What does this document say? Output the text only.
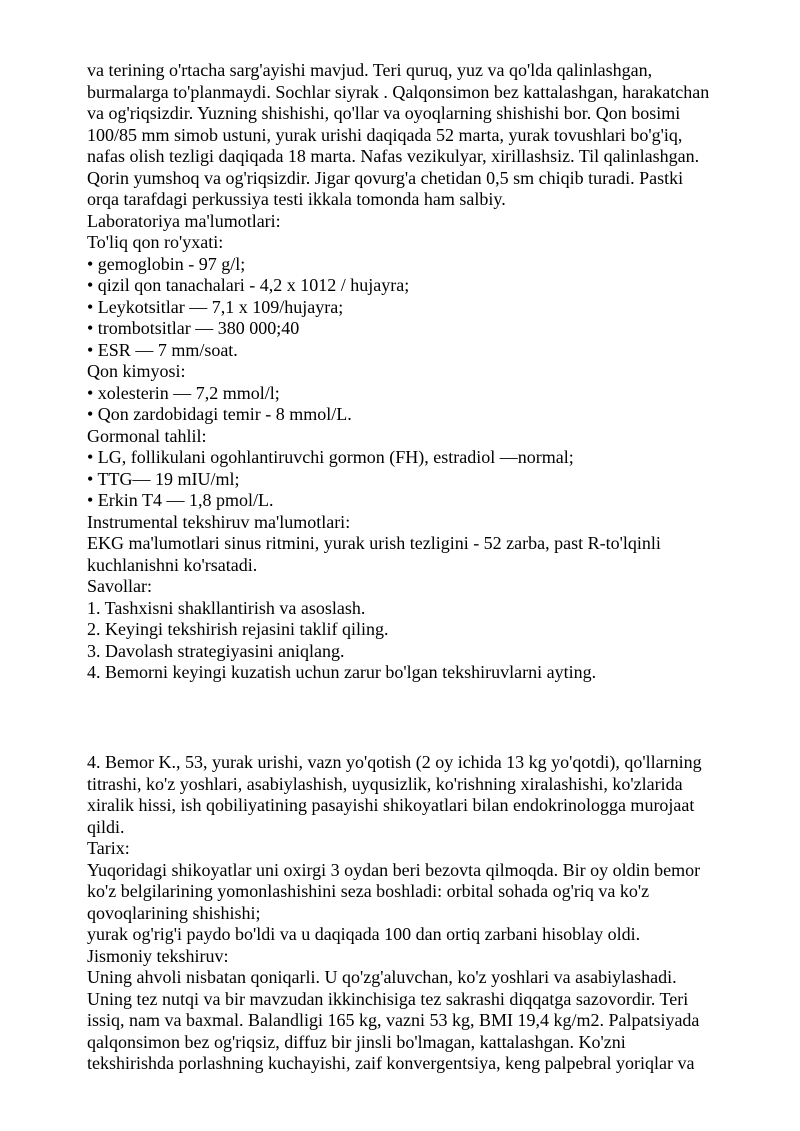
va terining o'rtacha sarg'ayishi mavjud. Teri quruq, yuz va qo'lda qalinlashgan,
burmalarga to'planmaydi. Sochlar siyrak . Qalqonsimon bez kattalashgan, harakatchan
va og'riqsizdir. Yuzning shishishi, qo'llar va oyoqlarning shishishi bor. Qon bosimi
100/85 mm simob ustuni, yurak urishi daqiqada 52 marta, yurak tovushlari bo'g'iq,
nafas olish tezligi daqiqada 18 marta. Nafas vezikulyar, xirillashsiz. Til qalinlashgan.
Qorin yumshoq va og'riqsizdir. Jigar qovurg'a chetidan 0,5 sm chiqib turadi. Pastki
orqa tarafdagi perkussiya testi ikkala tomonda ham salbiy.
Laboratoriya ma'lumotlari:
To'liq qon ro'yxati:
• gemoglobin - 97 g/l;
• qizil qon tanachalari - 4,2 x 1012 / hujayra;
• Leykotsitlar — 7,1 x 109/hujayra;
• trombotsitlar — 380 000;40
• ESR — 7 mm/soat.
Qon kimyosi:
• xolesterin — 7,2 mmol/l;
• Qon zardobidagi temir - 8 mmol/L.
Gormonal tahlil:
• LG, follikulani ogohlantiruvchi gormon (FH), estradiol —normal;
• TTG— 19 mIU/ml;
• Erkin T4 — 1,8 pmol/L.
Instrumental tekshiruv ma'lumotlari:
EKG ma'lumotlari sinus ritmini, yurak urish tezligini - 52 zarba, past R-to'lqinli
kuchlanishni ko'rsatadi.
Savollar:
1. Tashxisni shakllantirish va asoslash.
2. Keyingi tekshirish rejasini taklif qiling.
3. Davolash strategiyasini aniqlang.
4. Bemorni keyingi kuzatish uchun zarur bo'lgan tekshiruvlarni ayting.
4. Bemor K., 53, yurak urishi, vazn yo'qotish (2 oy ichida 13 kg yo'qotdi), qo'llarning
titrashi, ko'z yoshlari, asabiylashish, uyqusizlik, ko'rishning xiralashishi, ko'zlarida
xiralik hissi, ish qobiliyatining pasayishi shikoyatlari bilan endokrinologga murojaat
qildi.
Tarix:
Yuqoridagi shikoyatlar uni oxirgi 3 oydan beri bezovta qilmoqda. Bir oy oldin bemor
ko'z belgilarining yomonlashishini seza boshladi: orbital sohada og'riq va ko'z
qovoqlarining shishishi;
yurak og'rig'i paydo bo'ldi va u daqiqada 100 dan ortiq zarbani hisoblay oldi.
Jismoniy tekshiruv:
Uning ahvoli nisbatan qoniqarli. U qo'zg'aluvchan, ko'z yoshlari va asabiylashadi.
Uning tez nutqi va bir mavzudan ikkinchisiga tez sakrashi diqqatga sazovordir. Teri
issiq, nam va baxmal. Balandligi 165 kg, vazni 53 kg, BMI 19,4 kg/m2. Palpatsiyada
qalqonsimon bez og'riqsiz, diffuz bir jinsli bo'lmagan, kattalashgan. Ko'zni
tekshirishda porlashning kuchayishi, zaif konvergentsiya, keng palpebral yoriqlar va
